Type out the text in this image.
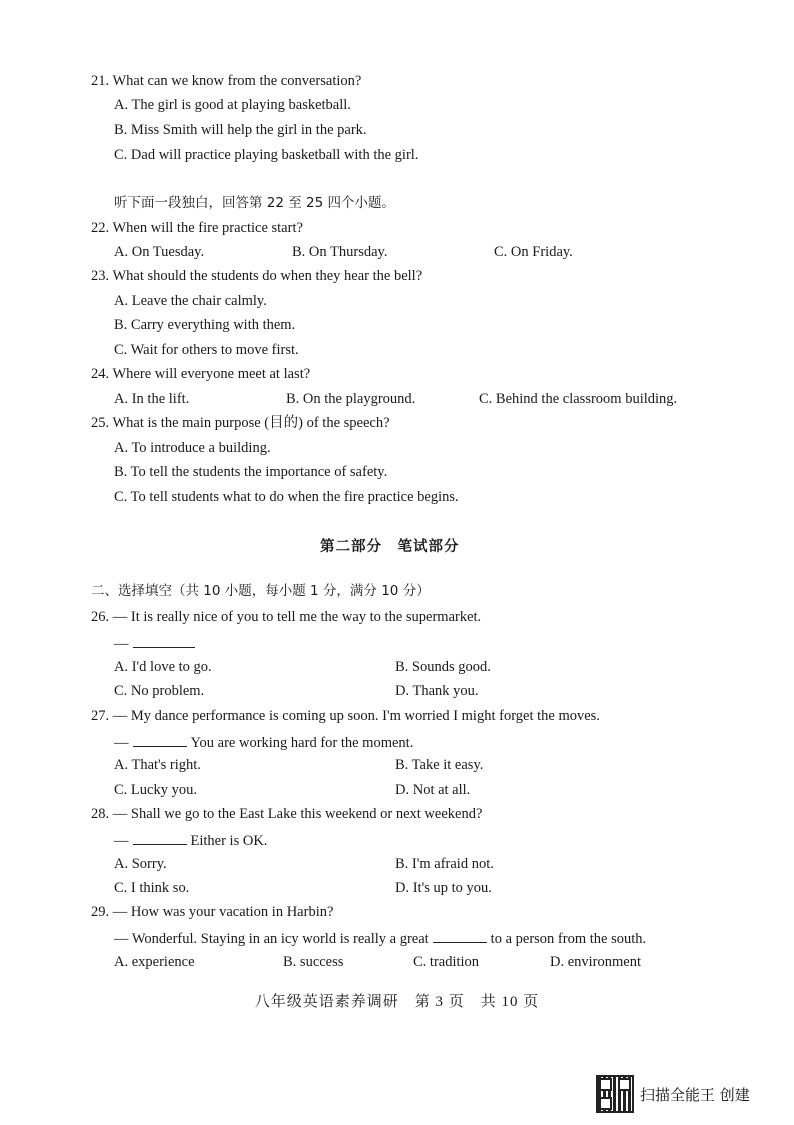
21. What can we know from the conversation?
A. The girl is good at playing basketball.
B. Miss Smith will help the girl in the park.
C. Dad will practice playing basketball with the girl.
听下面一段独白，回答第 22 至 25 四个小题。
22. When will the fire practice start?
A. On Tuesday.	B. On Thursday.	C. On Friday.
23. What should the students do when they hear the bell?
A. Leave the chair calmly.
B. Carry everything with them.
C. Wait for others to move first.
24. Where will everyone meet at last?
A. In the lift.	B. On the playground.	C. Behind the classroom building.
25. What is the main purpose (目的) of the speech?
A. To introduce a building.
B. To tell the students the importance of safety.
C. To tell students what to do when the fire practice begins.
第二部分　笔试部分
二、选择填空（共 10 小题，每小题 1 分，满分 10 分）
26. — It is really nice of you to tell me the way to the supermarket.
—
A. I'd love to go.	B. Sounds good.
C. No problem.	D. Thank you.
27. — My dance performance is coming up soon. I'm worried I might forget the moves.
—	You are working hard for the moment.
A. That's right.	B. Take it easy.
C. Lucky you.	D. Not at all.
28. — Shall we go to the East Lake this weekend or next weekend?
—	Either is OK.
A. Sorry.	B. I'm afraid not.
C. I think so.	D. It's up to you.
29. — How was your vacation in Harbin?
— Wonderful. Staying in an icy world is really a great	to a person from the south.
A. experience	B. success	C. tradition	D. environment
八年级英语素养调研　第 3 页　共 10 页
扫描全能王 创建
